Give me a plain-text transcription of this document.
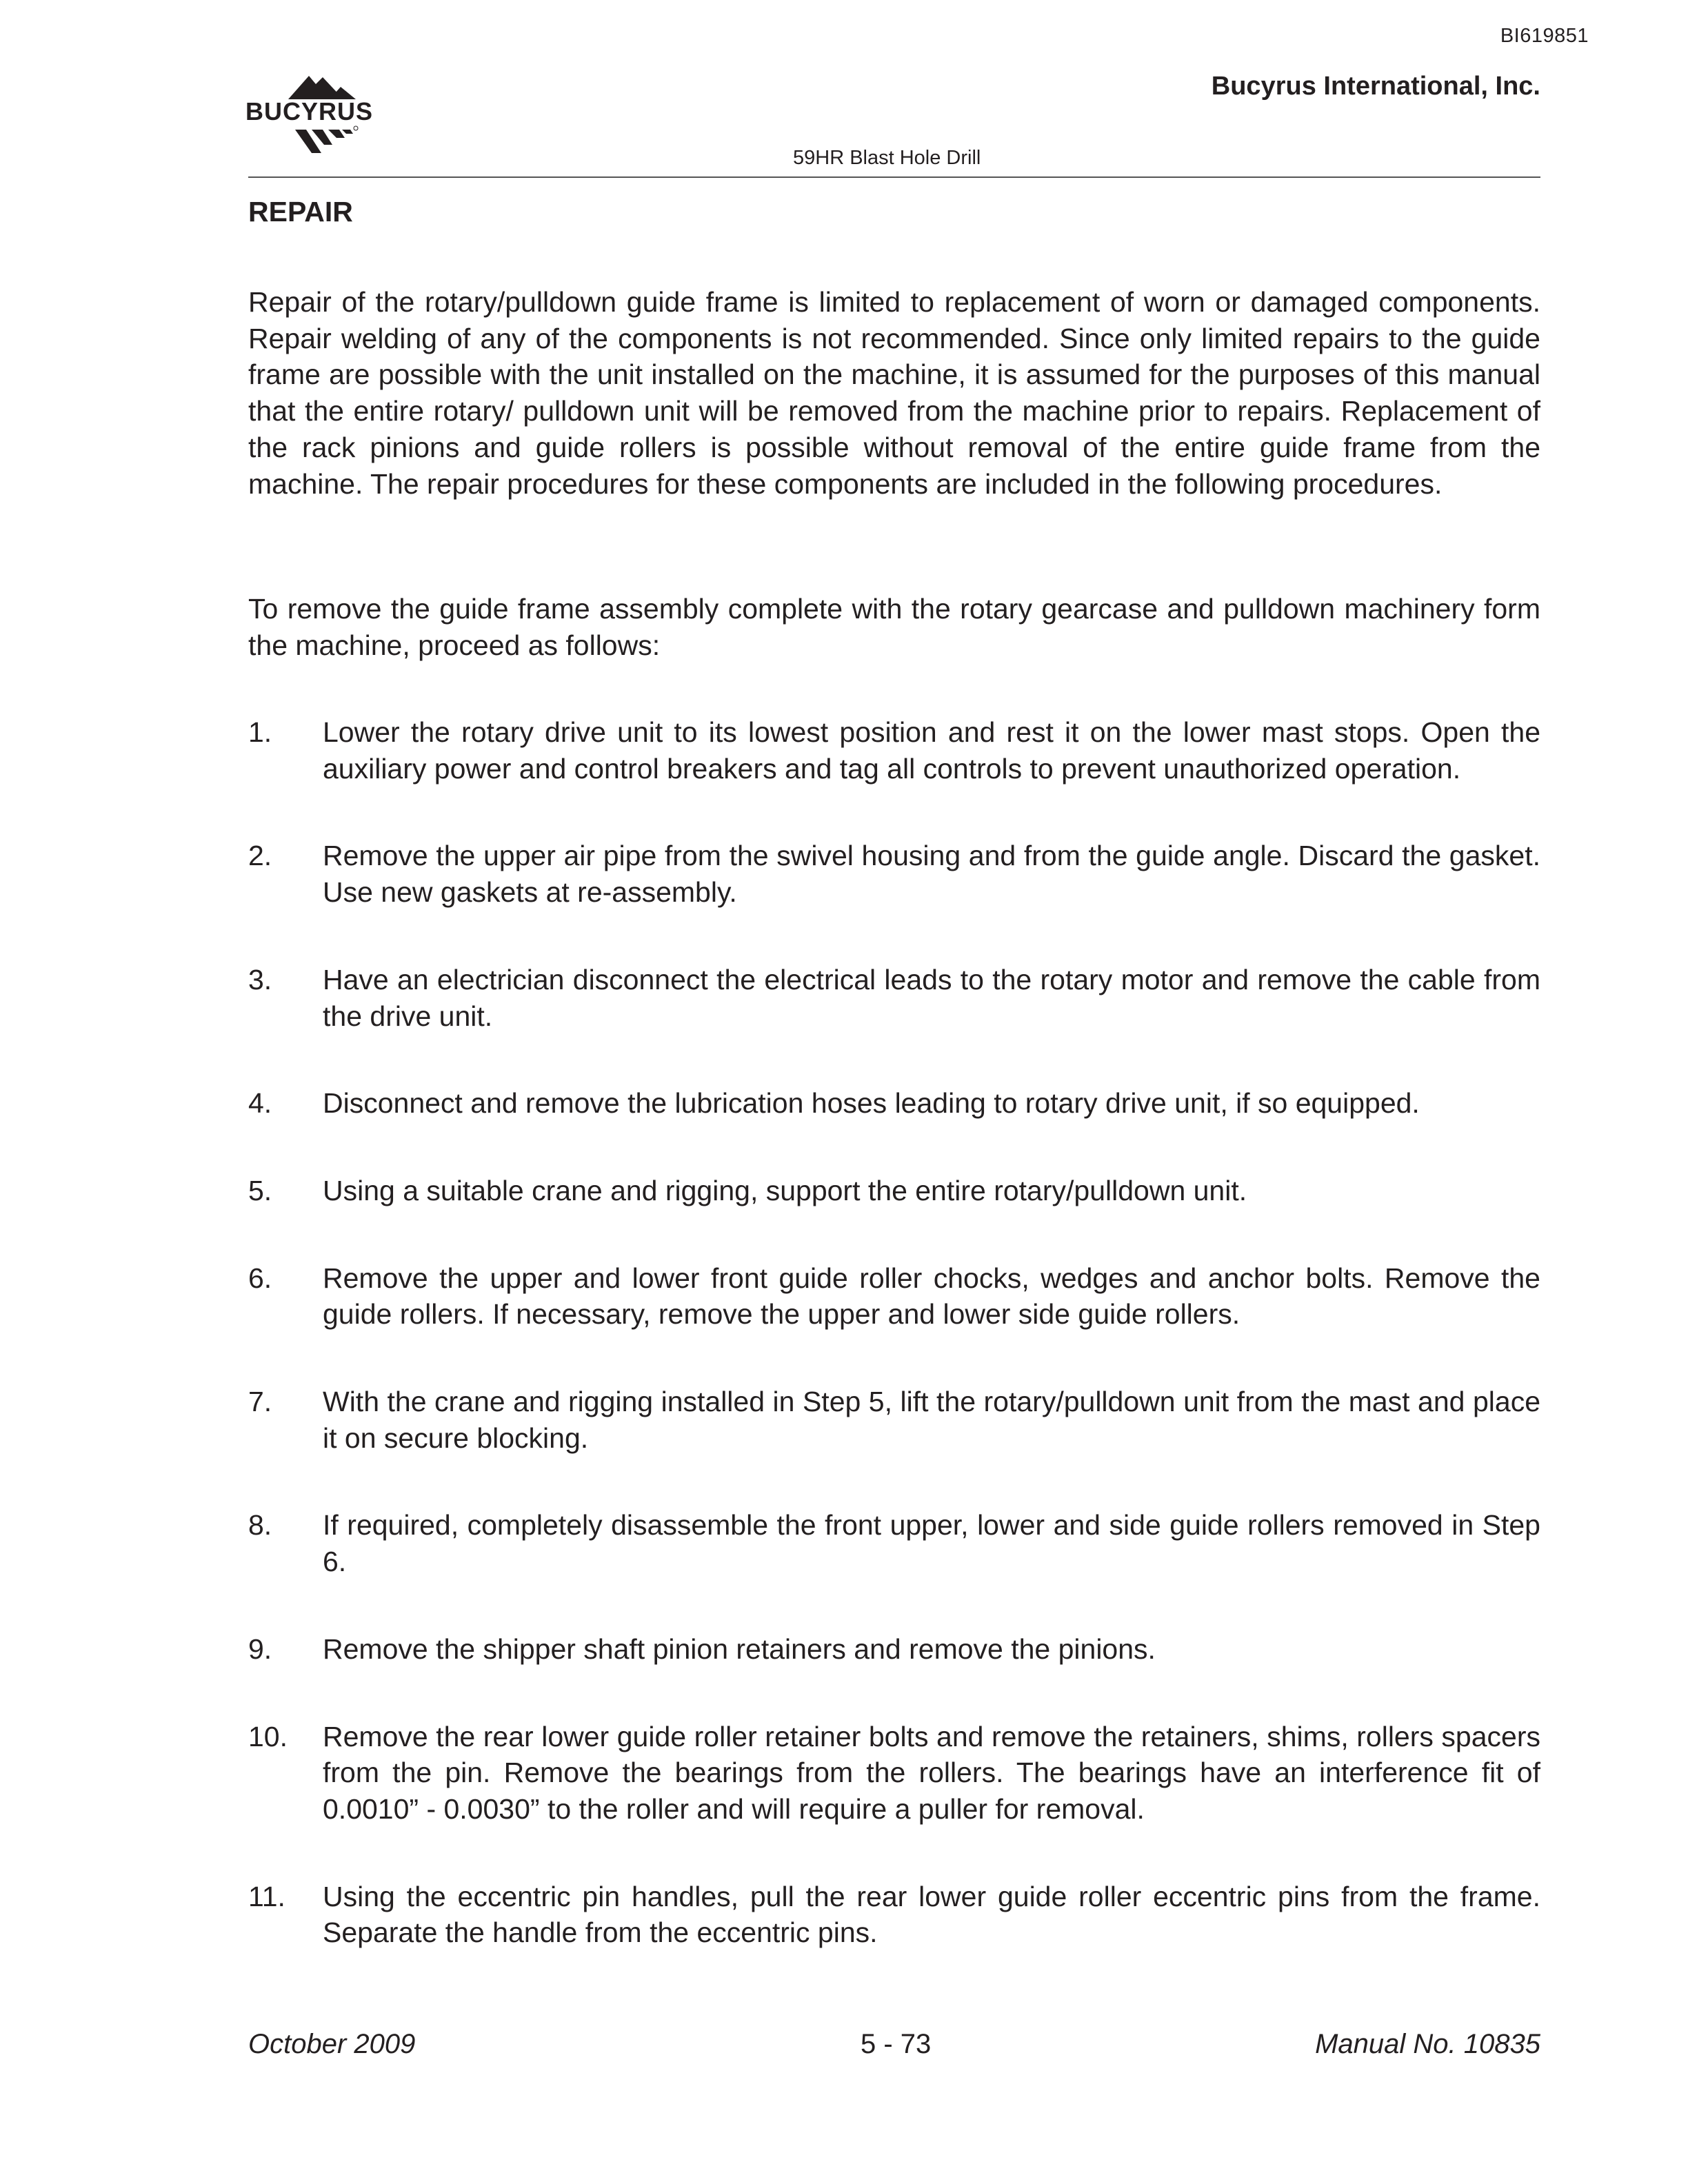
BI619851
BUCYRUS
Bucyrus International, Inc.
59HR Blast Hole Drill
REPAIR

Repair of the rotary/pulldown guide frame is limited to replacement of worn or damaged components. Repair welding of any of the components is not recommended. Since only limited repairs to the guide frame are possible with the unit installed on the machine, it is assumed for the purposes of this manual that the entire rotary/ pulldown unit will be removed from the machine prior to repairs. Replacement of the rack pinions and guide rollers is possible without removal of the entire guide frame from the machine. The repair procedures for these components are included in the following procedures.

To remove the guide frame assembly complete with the rotary gearcase and pulldown machinery form the machine, proceed as follows:

1. Lower the rotary drive unit to its lowest position and rest it on the lower mast stops. Open the auxiliary power and control breakers and tag all controls to prevent unauthorized operation.
2. Remove the upper air pipe from the swivel housing and from the guide angle. Discard the gasket. Use new gaskets at re-assembly.
3. Have an electrician disconnect the electrical leads to the rotary motor and remove the cable from the drive unit.
4. Disconnect and remove the lubrication hoses leading to rotary drive unit, if so equipped.
5. Using a suitable crane and rigging, support the entire rotary/pulldown unit.
6. Remove the upper and lower front guide roller chocks, wedges and anchor bolts. Remove the guide rollers. If necessary, remove the upper and lower side guide rollers.
7. With the crane and rigging installed in Step 5, lift the rotary/pulldown unit from the mast and place it on secure blocking.
8. If required, completely disassemble the front upper, lower and side guide rollers removed in Step 6.
9. Remove the shipper shaft pinion retainers and remove the pinions.
10. Remove the rear lower guide roller retainer bolts and remove the retainers, shims, rollers spacers from the pin. Remove the bearings from the rollers. The bearings have an interference fit of 0.0010” - 0.0030” to the roller and will require a puller for removal.
11. Using the eccentric pin handles, pull the rear lower guide roller eccentric pins from the frame. Separate the handle from the eccentric pins.
October 2009	5 - 73	Manual No. 10835
